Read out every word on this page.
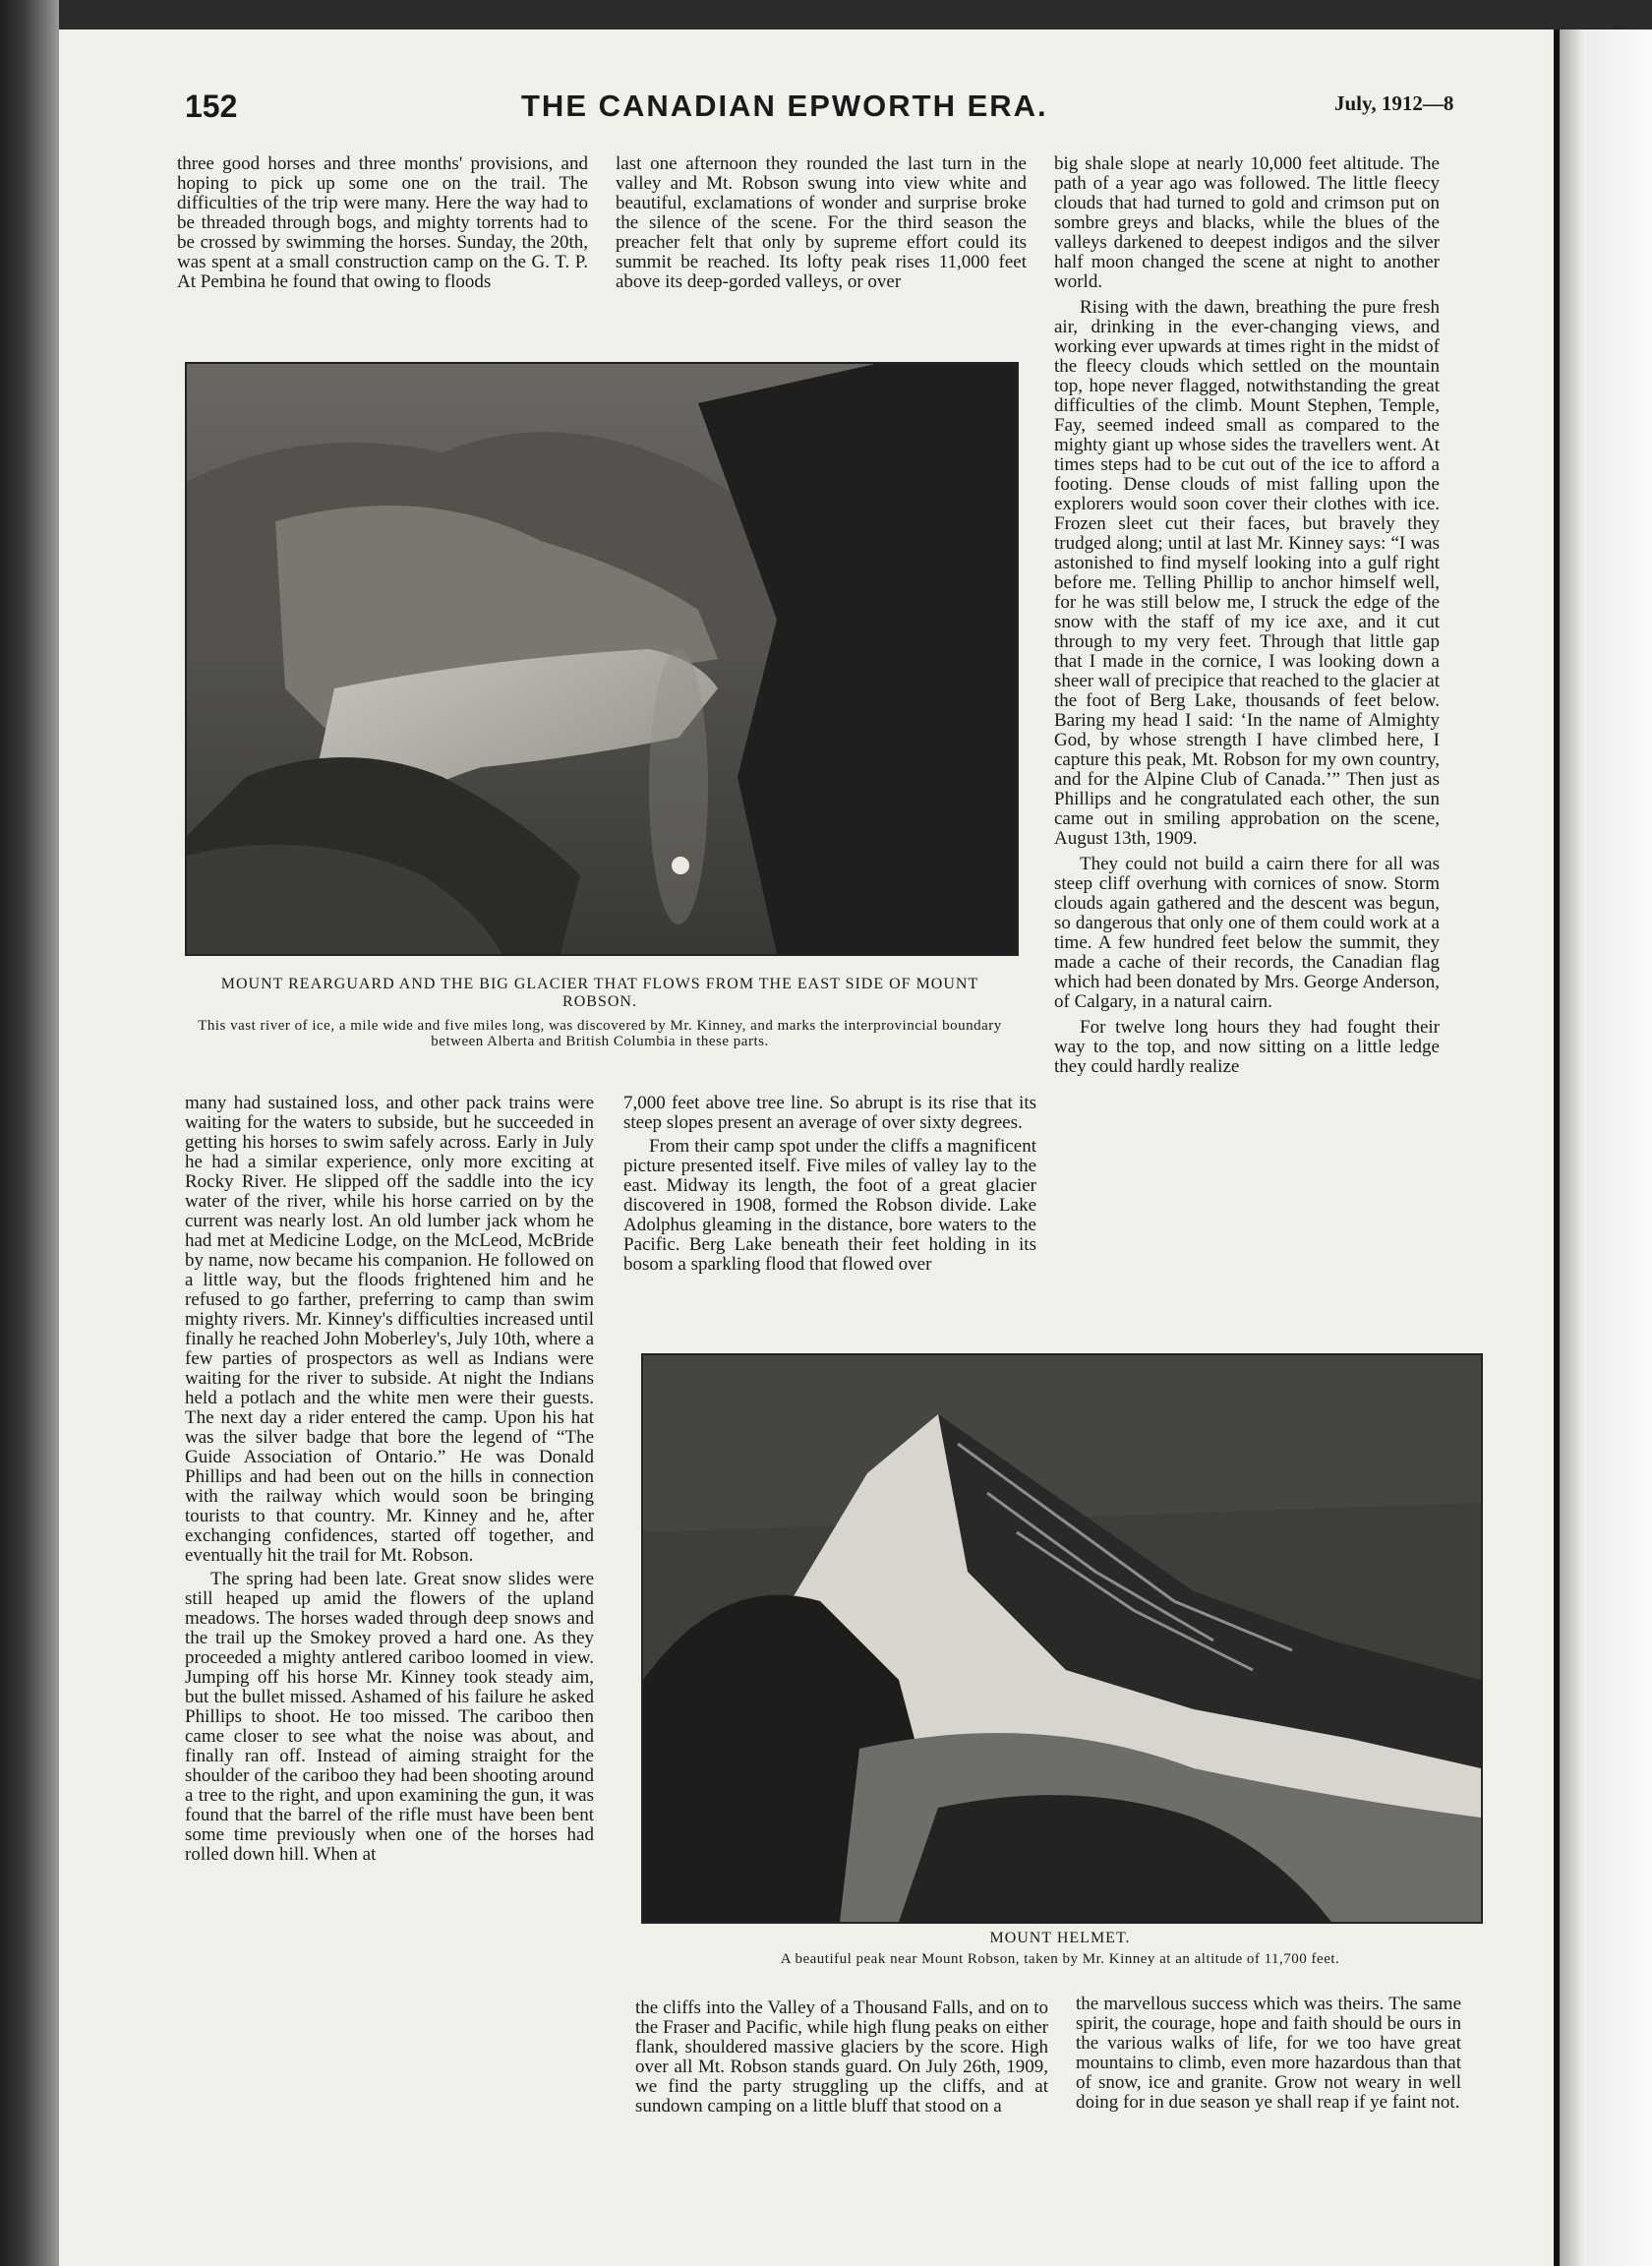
152	THE CANADIAN EPWORTH ERA.	July, 1912—8

three good horses and three months' provisions, and hoping to pick up some one on the trail. The difficulties of the trip were many. Here the way had to be threaded through bogs, and mighty torrents had to be crossed by swimming the horses. Sunday, the 20th, was spent at a small construction camp on the G. T. P. At Pembina he found that owing to floods

last one afternoon they rounded the last turn in the valley and Mt. Robson swung into view white and beautiful, exclamations of wonder and surprise broke the silence of the scene. For the third season the preacher felt that only by supreme effort could its summit be reached. Its lofty peak rises 11,000 feet above its deep-gorded valleys, or over

big shale slope at nearly 10,000 feet altitude. The path of a year ago was followed. The little fleecy clouds that had turned to gold and crimson put on sombre greys and blacks, while the blues of the valleys darkened to deepest indigos and the silver half moon changed the scene at night to another world.

Rising with the dawn, breathing the pure fresh air, drinking in the ever-changing views, and working ever upwards at times right in the midst of the fleecy clouds which settled on the mountain top, hope never flagged, notwithstanding the great difficulties of the climb. Mount Stephen, Temple, Fay, seemed indeed small as compared to the mighty giant up whose sides the travellers went. At times steps had to be cut out of the ice to afford a footing. Dense clouds of mist falling upon the explorers would soon cover their clothes with ice. Frozen sleet cut their faces, but bravely they trudged along; until at last Mr. Kinney says: “I was astonished to find myself looking into a gulf right before me. Telling Phillip to anchor himself well, for he was still below me, I struck the edge of the snow with the staff of my ice axe, and it cut through to my very feet. Through that little gap that I made in the cornice, I was looking down a sheer wall of precipice that reached to the glacier at the foot of Berg Lake, thousands of feet below. Baring my head I said: ‘In the name of Almighty God, by whose strength I have climbed here, I capture this peak, Mt. Robson for my own country, and for the Alpine Club of Canada.’” Then just as Phillips and he congratulated each other, the sun came out in smiling approbation on the scene, August 13th, 1909.

They could not build a cairn there for all was steep cliff overhung with cornices of snow. Storm clouds again gathered and the descent was begun, so dangerous that only one of them could work at a time. A few hundred feet below the summit, they made a cache of their records, the Canadian flag which had been donated by Mrs. George Anderson, of Calgary, in a natural cairn.

For twelve long hours they had fought their way to the top, and now sitting on a little ledge they could hardly realize

MOUNT REARGUARD AND THE BIG GLACIER THAT FLOWS FROM THE EAST SIDE OF MOUNT ROBSON.
This vast river of ice, a mile wide and five miles long, was discovered by Mr. Kinney, and marks the interprovincial boundary between Alberta and British Columbia in these parts.

many had sustained loss, and other pack trains were waiting for the waters to subside, but he succeeded in getting his horses to swim safely across. Early in July he had a similar experience, only more exciting at Rocky River. He slipped off the saddle into the icy water of the river, while his horse carried on by the current was nearly lost. An old lumber jack whom he had met at Medicine Lodge, on the McLeod, McBride by name, now became his companion. He followed on a little way, but the floods frightened him and he refused to go farther, preferring to camp than swim mighty rivers. Mr. Kinney's difficulties increased until finally he reached John Moberley's, July 10th, where a few parties of prospectors as well as Indians were waiting for the river to subside. At night the Indians held a potlach and the white men were their guests. The next day a rider entered the camp. Upon his hat was the silver badge that bore the legend of “The Guide Association of Ontario.” He was Donald Phillips and had been out on the hills in connection with the railway which would soon be bringing tourists to that country. Mr. Kinney and he, after exchanging confidences, started off together, and eventually hit the trail for Mt. Robson.

The spring had been late. Great snow slides were still heaped up amid the flowers of the upland meadows. The horses waded through deep snows and the trail up the Smokey proved a hard one. As they proceeded a mighty antlered cariboo loomed in view. Jumping off his horse Mr. Kinney took steady aim, but the bullet missed. Ashamed of his failure he asked Phillips to shoot. He too missed. The cariboo then came closer to see what the noise was about, and finally ran off. Instead of aiming straight for the shoulder of the cariboo they had been shooting around a tree to the right, and upon examining the gun, it was found that the barrel of the rifle must have been bent some time previously when one of the horses had rolled down hill. When at

7,000 feet above tree line. So abrupt is its rise that its steep slopes present an average of over sixty degrees.

From their camp spot under the cliffs a magnificent picture presented itself. Five miles of valley lay to the east. Midway its length, the foot of a great glacier discovered in 1908, formed the Robson divide. Lake Adolphus gleaming in the distance, bore waters to the Pacific. Berg Lake beneath their feet holding in its bosom a sparkling flood that flowed over

MOUNT HELMET.
A beautiful peak near Mount Robson, taken by Mr. Kinney at an altitude of 11,700 feet.

the cliffs into the Valley of a Thousand Falls, and on to the Fraser and Pacific, while high flung peaks on either flank, shouldered massive glaciers by the score. High over all Mt. Robson stands guard. On July 26th, 1909, we find the party struggling up the cliffs, and at sundown camping on a little bluff that stood on a

the marvellous success which was theirs. The same spirit, the courage, hope and faith should be ours in the various walks of life, for we too have great mountains to climb, even more hazardous than that of snow, ice and granite. Grow not weary in well doing for in due season ye shall reap if ye faint not.
